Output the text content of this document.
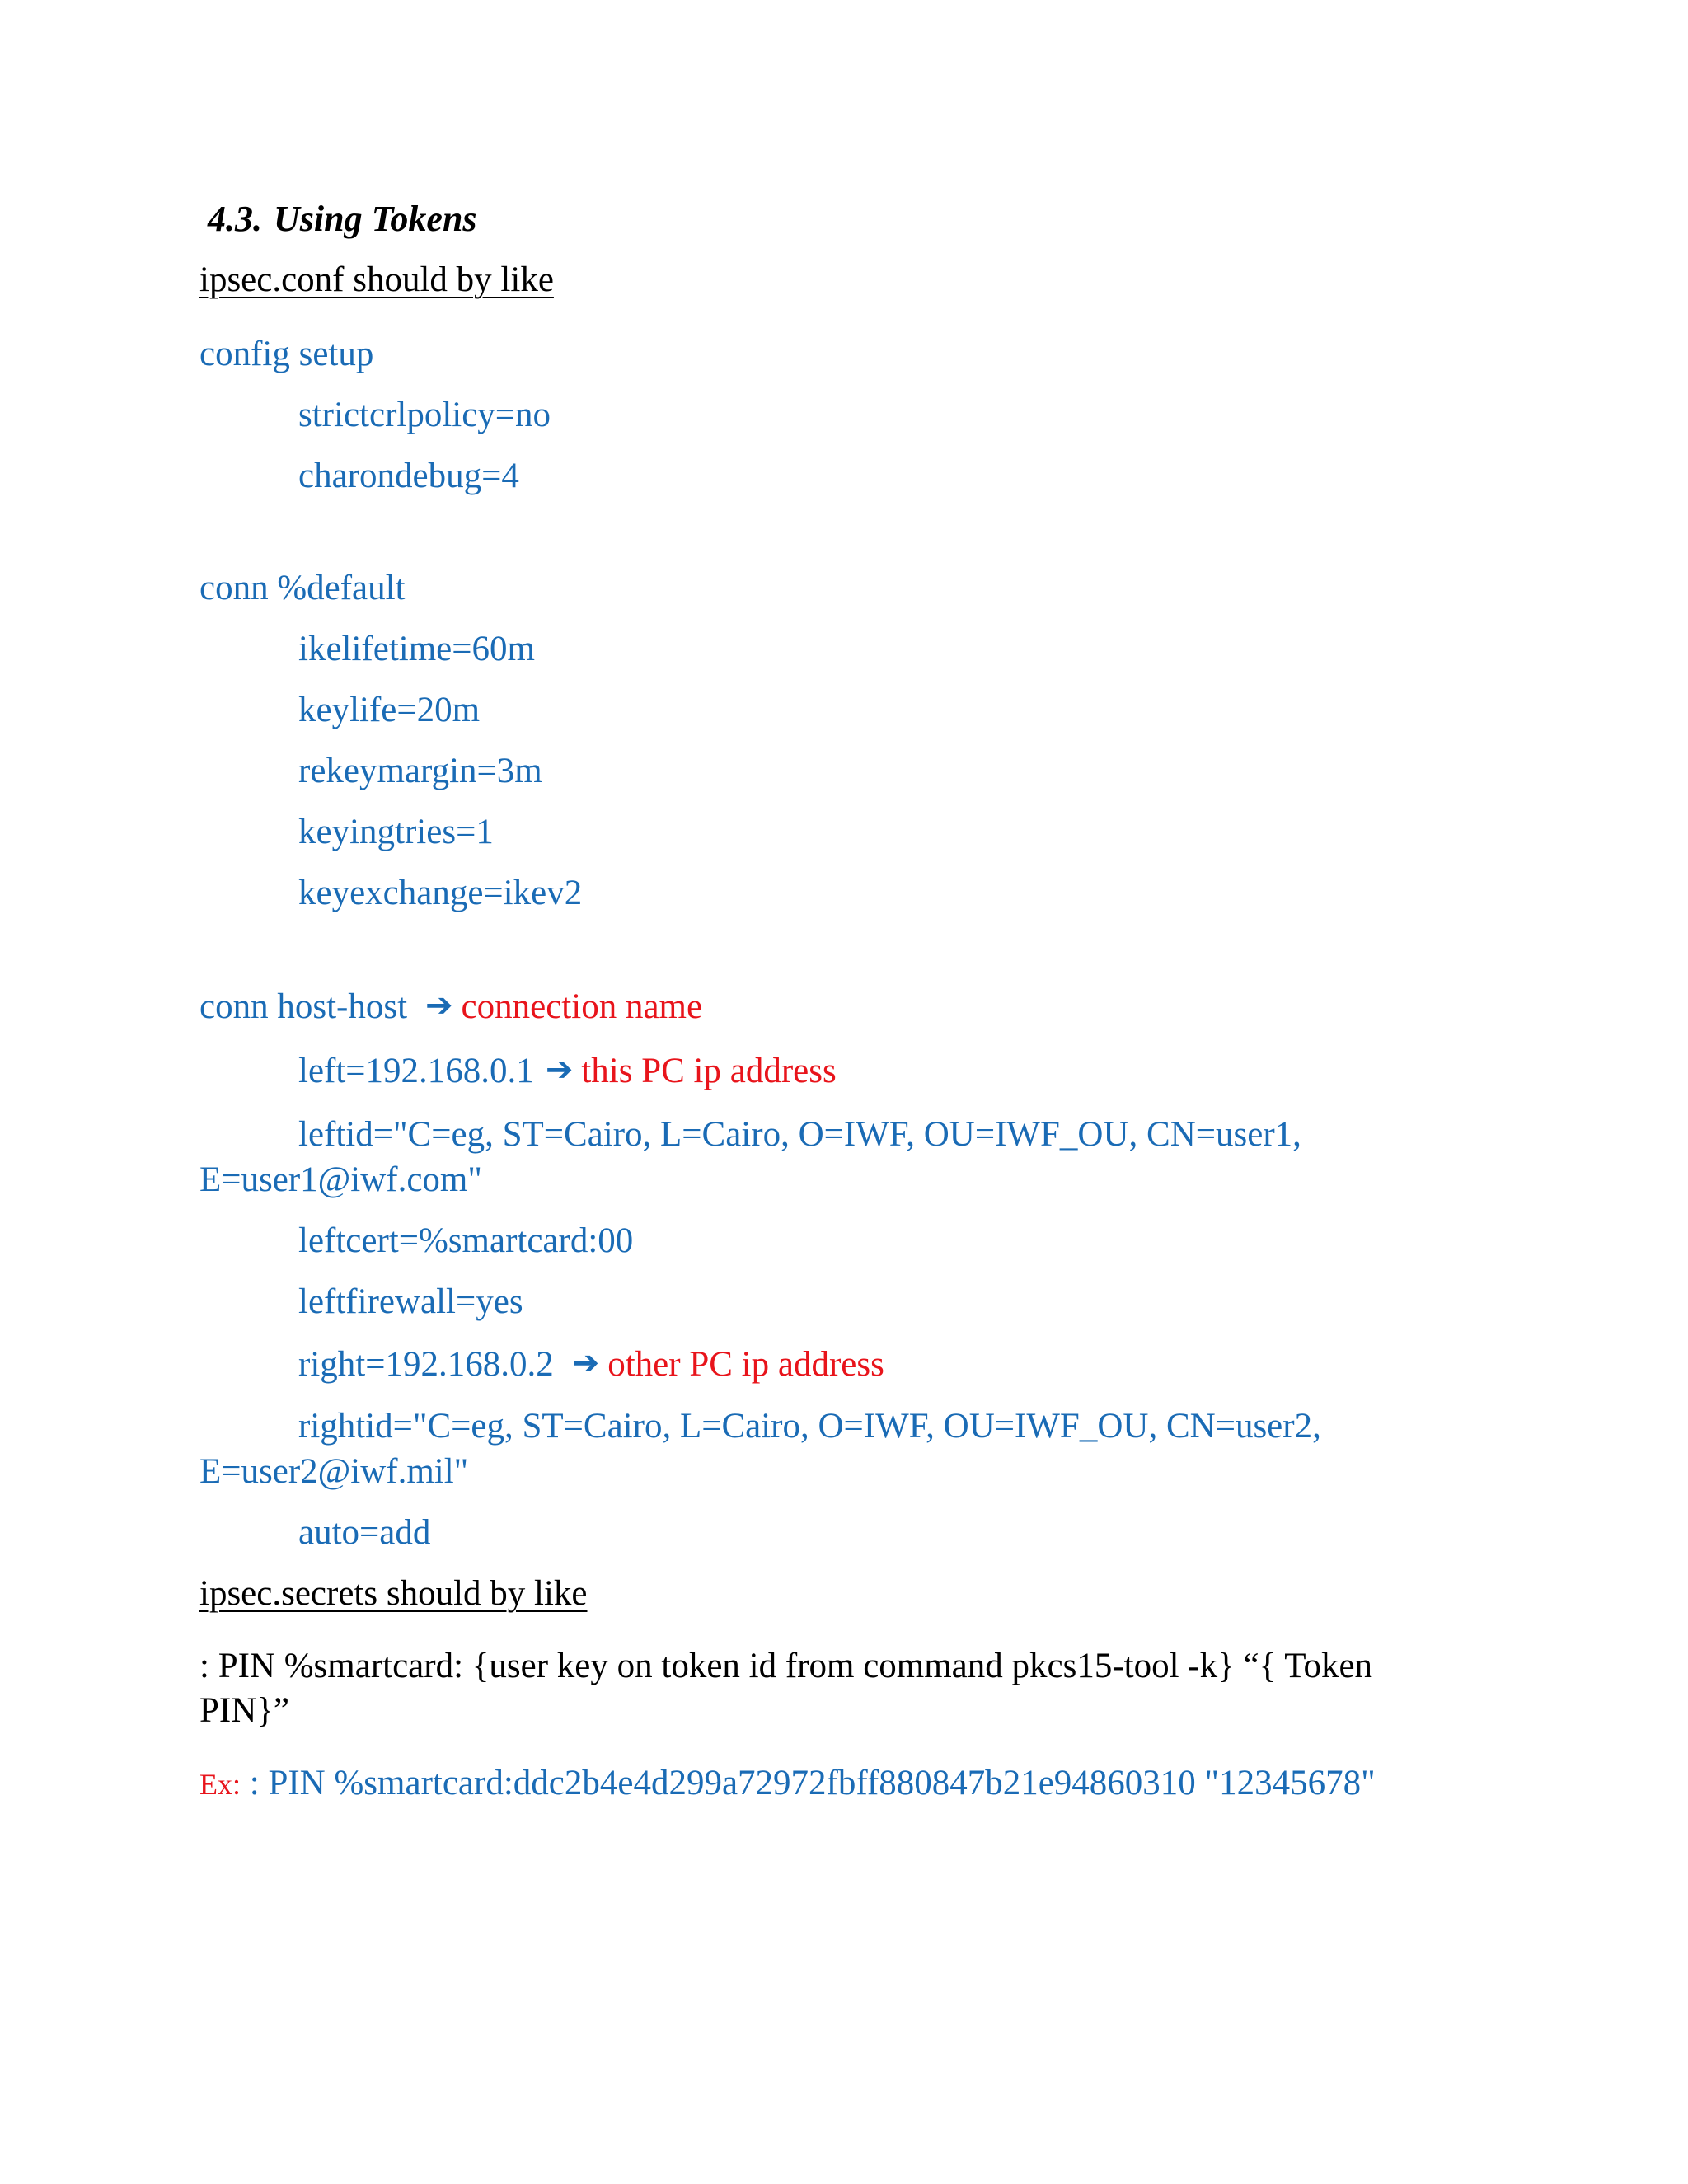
4.3. Using Tokens
ipsec.conf should by like
config setup
strictcrlpolicy=no
charondebug=4
conn %default
ikelifetime=60m
keylife=20m
rekeymargin=3m
keyingtries=1
keyexchange=ikev2
conn host-host ➔ connection name
left=192.168.0.1 ➔ this PC ip address
leftid="C=eg, ST=Cairo, L=Cairo, O=IWF, OU=IWF_OU, CN=user1,
E=user1@iwf.com"
leftcert=%smartcard:00
leftfirewall=yes
right=192.168.0.2 ➔ other PC ip address
rightid="C=eg, ST=Cairo, L=Cairo, O=IWF, OU=IWF_OU, CN=user2,
E=user2@iwf.mil"
auto=add
ipsec.secrets should by like
: PIN %smartcard: {user key on token id from command pkcs15-tool -k} “{ Token
PIN}”
Ex: : PIN %smartcard:ddc2b4e4d299a72972fbff880847b21e94860310 "12345678"
